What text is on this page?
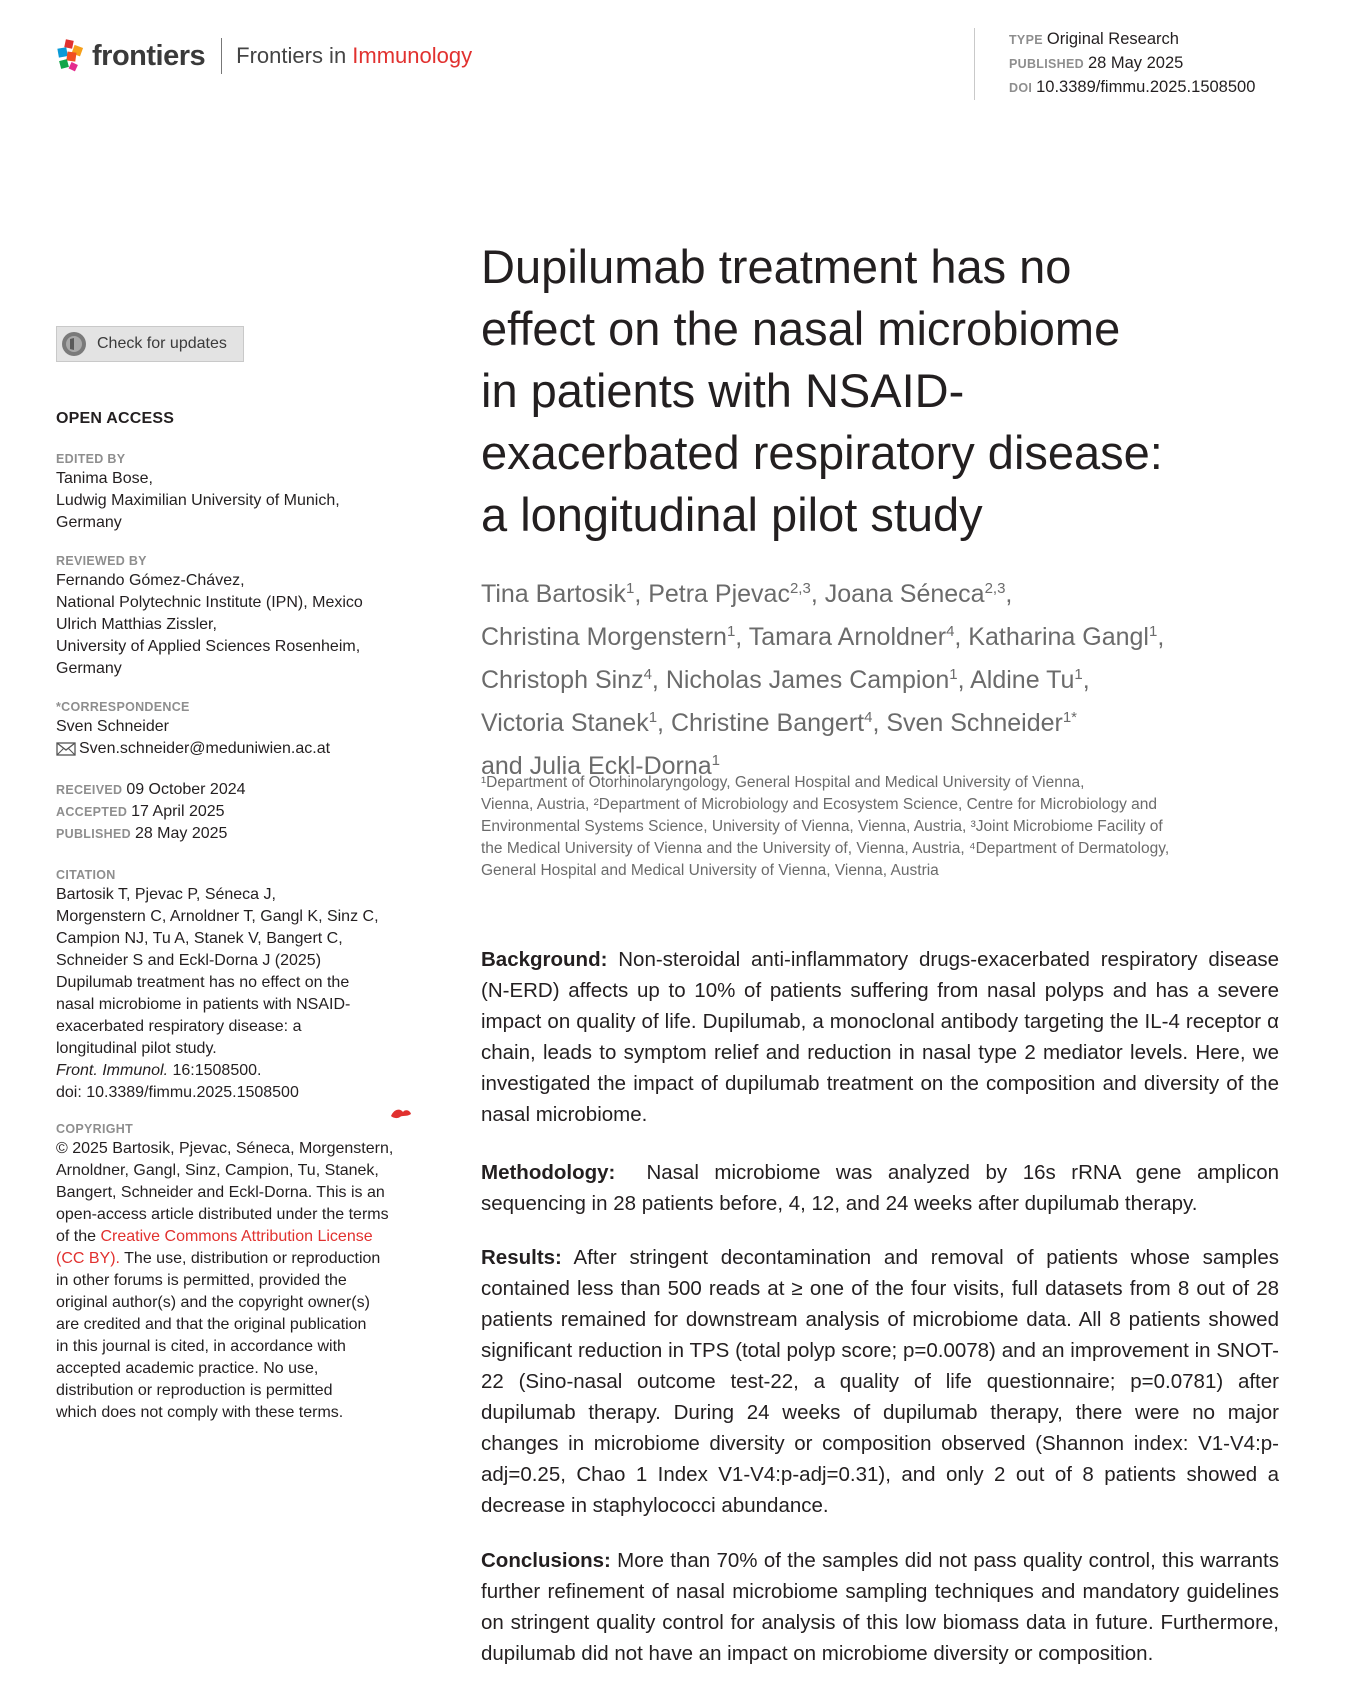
frontiers Frontiers in Immunology
TYPE Original Research
PUBLISHED 28 May 2025
DOI 10.3389/fimmu.2025.1508500
Check for updates
OPEN ACCESS
EDITED BY
Tanima Bose,
Ludwig Maximilian University of Munich,
Germany
REVIEWED BY
Fernando Gómez-Chávez,
National Polytechnic Institute (IPN), Mexico
Ulrich Matthias Zissler,
University of Applied Sciences Rosenheim,
Germany
*CORRESPONDENCE
Sven Schneider
Sven.schneider@meduniwien.ac.at
RECEIVED 09 October 2024
ACCEPTED 17 April 2025
PUBLISHED 28 May 2025
CITATION
Bartosik T, Pjevac P, Séneca J,
Morgenstern C, Arnoldner T, Gangl K, Sinz C,
Campion NJ, Tu A, Stanek V, Bangert C,
Schneider S and Eckl-Dorna J (2025)
Dupilumab treatment has no effect on the
nasal microbiome in patients with NSAID-
exacerbated respiratory disease: a
longitudinal pilot study.
Front. Immunol. 16:1508500.
doi: 10.3389/fimmu.2025.1508500
COPYRIGHT
© 2025 Bartosik, Pjevac, Séneca, Morgenstern,
Arnoldner, Gangl, Sinz, Campion, Tu, Stanek,
Bangert, Schneider and Eckl-Dorna. This is an
open-access article distributed under the terms
of the Creative Commons Attribution License
(CC BY). The use, distribution or reproduction
in other forums is permitted, provided the
original author(s) and the copyright owner(s)
are credited and that the original publication
in this journal is cited, in accordance with
accepted academic practice. No use,
distribution or reproduction is permitted
which does not comply with these terms.
Dupilumab treatment has no
effect on the nasal microbiome
in patients with NSAID-
exacerbated respiratory disease:
a longitudinal pilot study
Tina Bartosik$^1$, Petra Pjevac$^{2,3}$, Joana Séneca$^{2,3}$,
Christina Morgenstern$^1$, Tamara Arnoldner$^4$, Katharina Gangl$^1$,
Christoph Sinz$^4$, Nicholas James Campion$^1$, Aldine Tu$^1$,
Victoria Stanek$^1$, Christine Bangert$^4$, Sven Schneider$^{1*}$
and Julia Eckl-Dorna$^1$
¹Department of Otorhinolaryngology, General Hospital and Medical University of Vienna,
Vienna, Austria, ²Department of Microbiology and Ecosystem Science, Centre for Microbiology and
Environmental Systems Science, University of Vienna, Vienna, Austria, ³Joint Microbiome Facility of
the Medical University of Vienna and the University of, Vienna, Austria, ⁴Department of Dermatology,
General Hospital and Medical University of Vienna, Vienna, Austria
Background: Non-steroidal anti-inflammatory drugs-exacerbated respiratory disease (N-ERD) affects up to 10% of patients suffering from nasal polyps and has a severe impact on quality of life. Dupilumab, a monoclonal antibody targeting the IL-4 receptor α chain, leads to symptom relief and reduction in nasal type 2 mediator levels. Here, we investigated the impact of dupilumab treatment on the composition and diversity of the nasal microbiome.
Methodology:  Nasal microbiome was analyzed by 16s rRNA gene amplicon sequencing in 28 patients before, 4, 12, and 24 weeks after dupilumab therapy.
Results: After stringent decontamination and removal of patients whose samples contained less than 500 reads at ≥ one of the four visits, full datasets from 8 out of 28 patients remained for downstream analysis of microbiome data. All 8 patients showed significant reduction in TPS (total polyp score; p=0.0078) and an improvement in SNOT-22 (Sino-nasal outcome test-22, a quality of life questionnaire; p=0.0781) after dupilumab therapy. During 24 weeks of dupilumab therapy, there were no major changes in microbiome diversity or composition observed (Shannon index: V1-V4:p-adj=0.25, Chao 1 Index V1-V4:p-adj=0.31), and only 2 out of 8 patients showed a decrease in staphylococci abundance.
Conclusions: More than 70% of the samples did not pass quality control, this warrants further refinement of nasal microbiome sampling techniques and mandatory guidelines on stringent quality control for analysis of this low biomass data in future. Furthermore, dupilumab did not have an impact on microbiome diversity or composition.
